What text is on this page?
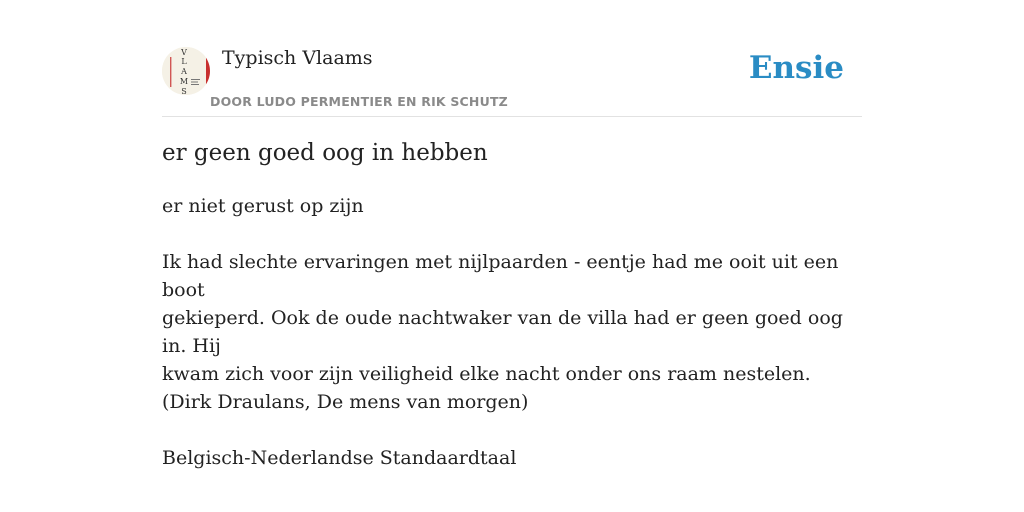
V
L
A
M
S
Typisch Vlaams
DOOR LUDO PERMENTIER EN RIK SCHUTZ
Ensie
er geen goed oog in hebben

er niet gerust op zijn

Ik had slechte ervaringen met nijlpaarden - eentje had me ooit uit een boot

gekieperd. Ook de oude nachtwaker van de villa had er geen goed oog in. Hij

kwam zich voor zijn veiligheid elke nacht onder ons raam nestelen.

(Dirk Draulans, De mens van morgen)

Belgisch-Nederlandse Standaardtaal
